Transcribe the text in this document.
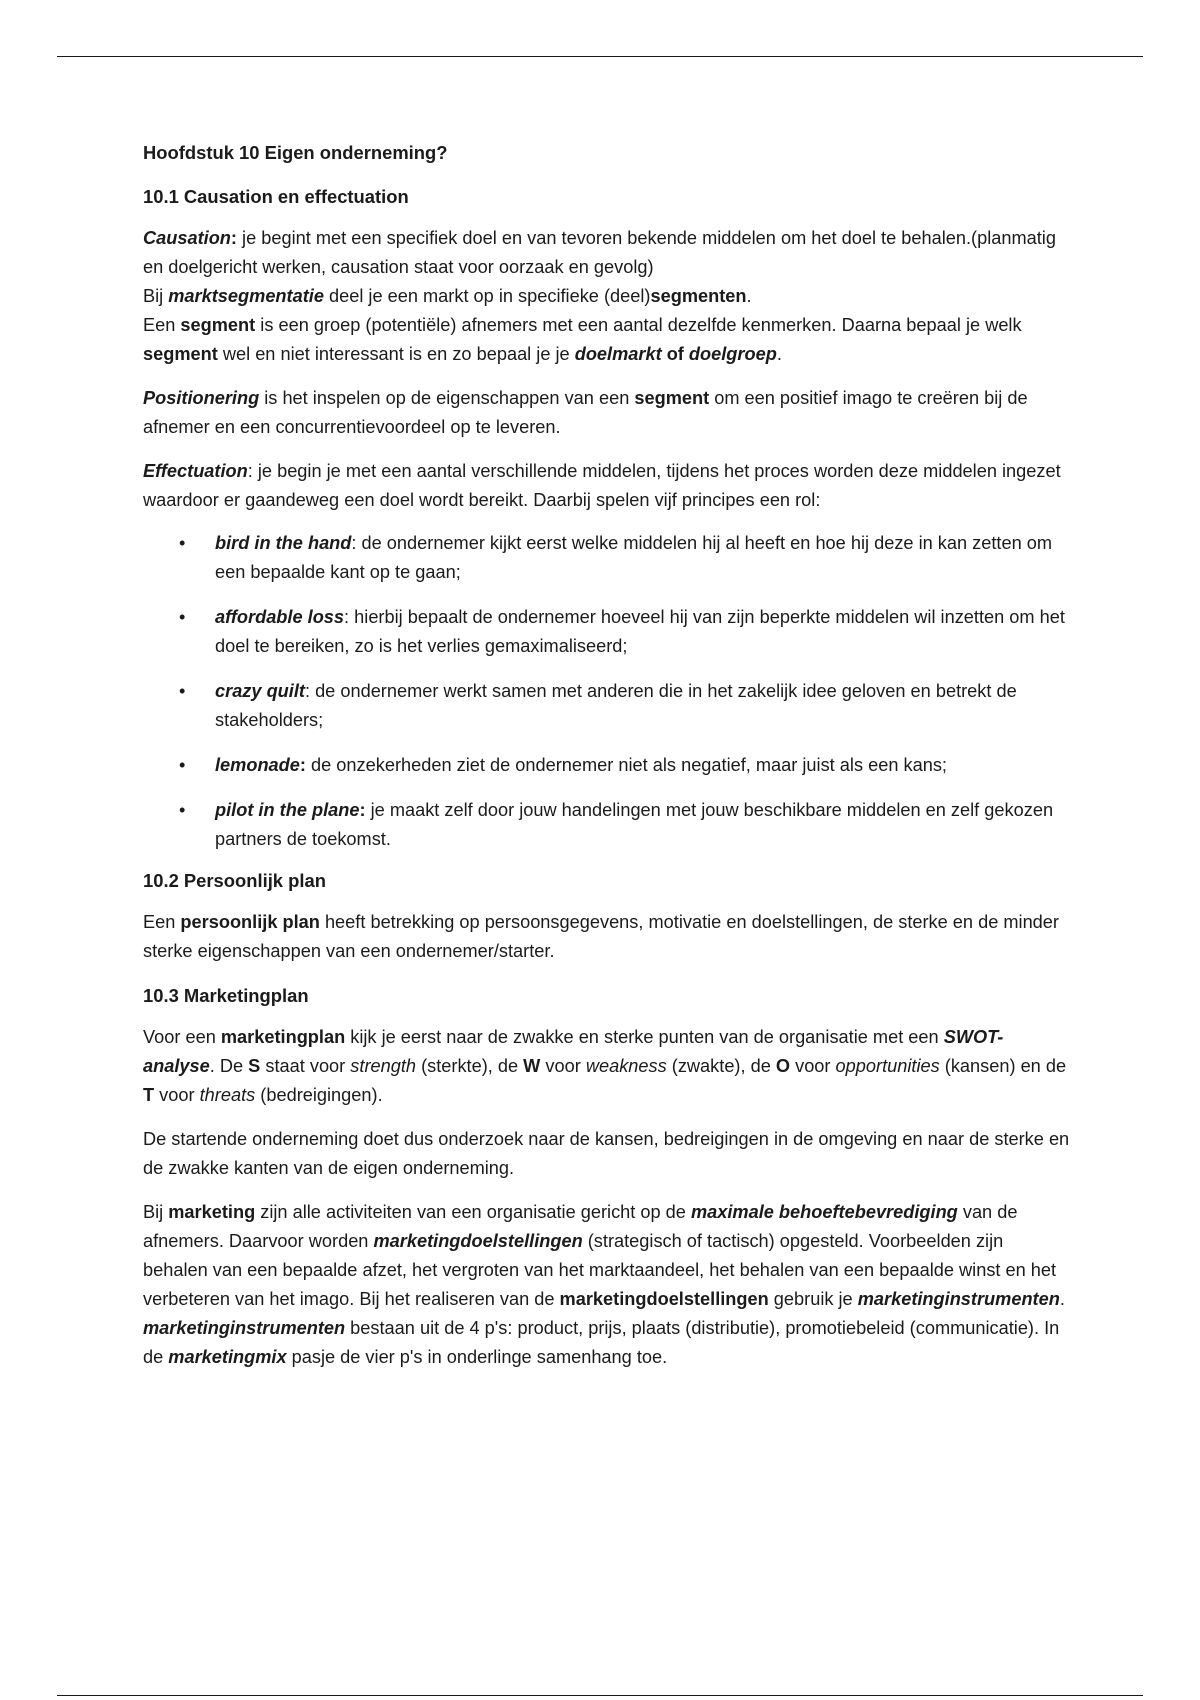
Hoofdstuk 10 Eigen onderneming?
10.1 Causation en effectuation

Causation: je begint met een specifiek doel en van tevoren bekende middelen om het doel te behalen.(planmatig en doelgericht werken, causation staat voor oorzaak en gevolg)

Bij marktsegmentatie deel je een markt op in specifieke (deel)segmenten.

Een segment is een groep (potentiële) afnemers met een aantal dezelfde kenmerken. Daarna bepaal je welk segment wel en niet interessant is en zo bepaal je je doelmarkt of doelgroep.

Positionering is het inspelen op de eigenschappen van een segment om een positief imago te creëren bij de afnemer en een concurrentievoordeel op te leveren.

Effectuation: je begin je met een aantal verschillende middelen, tijdens het proces worden deze middelen ingezet waardoor er gaandeweg een doel wordt bereikt. Daarbij spelen vijf principes een rol:

• bird in the hand: de ondernemer kijkt eerst welke middelen hij al heeft en hoe hij deze in kan zetten om een bepaalde kant op te gaan;
• affordable loss: hierbij bepaalt de ondernemer hoeveel hij van zijn beperkte middelen wil inzetten om het doel te bereiken, zo is het verlies gemaximaliseerd;
• crazy quilt: de ondernemer werkt samen met anderen die in het zakelijk idee geloven en betrekt de stakeholders;
• lemonade: de onzekerheden ziet de ondernemer niet als negatief, maar juist als een kans;
• pilot in the plane: je maakt zelf door jouw handelingen met jouw beschikbare middelen en zelf gekozen partners de toekomst.
10.2 Persoonlijk plan

Een persoonlijk plan heeft betrekking op persoonsgegevens, motivatie en doelstellingen, de sterke en de minder sterke eigenschappen van een ondernemer/starter.

10.3 Marketingplan

Voor een marketingplan kijk je eerst naar de zwakke en sterke punten van de organisatie met een SWOT-analyse. De S staat voor strength (sterkte), de W voor weakness (zwakte), de O voor opportunities (kansen) en de T voor threats (bedreigingen).

De startende onderneming doet dus onderzoek naar de kansen, bedreigingen in de omgeving en naar de sterke en de zwakke kanten van de eigen onderneming.

Bij marketing zijn alle activiteiten van een organisatie gericht op de maximale behoeftebevrediging van de afnemers. Daarvoor worden marketingdoelstellingen (strategisch of tactisch) opgesteld. Voorbeelden zijn behalen van een bepaalde afzet, het vergroten van het marktaandeel, het behalen van een bepaalde winst en het verbeteren van het imago. Bij het realiseren van de marketingdoelstellingen gebruik je marketinginstrumenten. marketinginstrumenten bestaan uit de 4 p's: product, prijs, plaats (distributie), promotiebeleid (communicatie). In de marketingmix pasje de vier p's in onderlinge samenhang toe.
